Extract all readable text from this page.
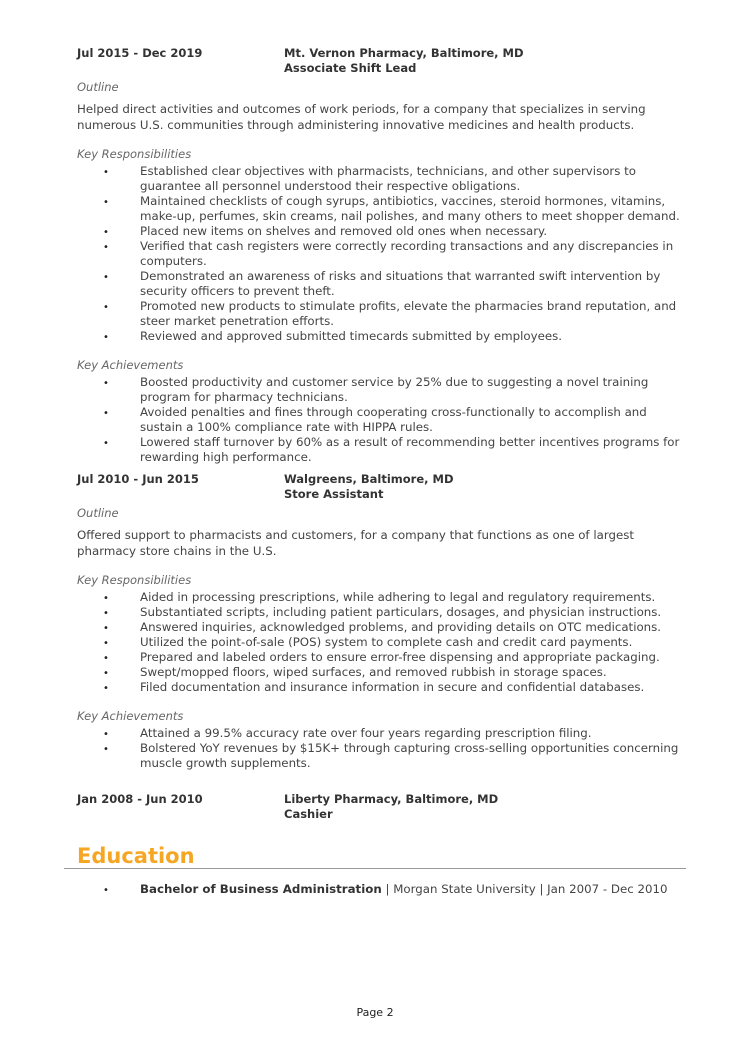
Jul 2015 - Dec 2019	Mt. Vernon Pharmacy, Baltimore, MD
Associate Shift Lead
Outline

Helped direct activities and outcomes of work periods, for a company that specializes in serving numerous U.S. communities through administering innovative medicines and health products.

Key Responsibilities
• Established clear objectives with pharmacists, technicians, and other supervisors to guarantee all personnel understood their respective obligations.
• Maintained checklists of cough syrups, antibiotics, vaccines, steroid hormones, vitamins, make-up, perfumes, skin creams, nail polishes, and many others to meet shopper demand.
• Placed new items on shelves and removed old ones when necessary.
• Verified that cash registers were correctly recording transactions and any discrepancies in computers.
• Demonstrated an awareness of risks and situations that warranted swift intervention by security officers to prevent theft.
• Promoted new products to stimulate profits, elevate the pharmacies brand reputation, and steer market penetration efforts.
• Reviewed and approved submitted timecards submitted by employees.
Key Achievements
• Boosted productivity and customer service by 25% due to suggesting a novel training program for pharmacy technicians.
• Avoided penalties and fines through cooperating cross-functionally to accomplish and sustain a 100% compliance rate with HIPPA rules.
• Lowered staff turnover by 60% as a result of recommending better incentives programs for rewarding high performance.
Jul 2010 - Jun 2015	Walgreens, Baltimore, MD
Store Assistant
Outline

Offered support to pharmacists and customers, for a company that functions as one of largest pharmacy store chains in the U.S.

Key Responsibilities
• Aided in processing prescriptions, while adhering to legal and regulatory requirements.
• Substantiated scripts, including patient particulars, dosages, and physician instructions.
• Answered inquiries, acknowledged problems, and providing details on OTC medications.
• Utilized the point-of-sale (POS) system to complete cash and credit card payments.
• Prepared and labeled orders to ensure error-free dispensing and appropriate packaging.
• Swept/mopped floors, wiped surfaces, and removed rubbish in storage spaces.
• Filed documentation and insurance information in secure and confidential databases.
Key Achievements
• Attained a 99.5% accuracy rate over four years regarding prescription filing.
• Bolstered YoY revenues by $15K+ through capturing cross-selling opportunities concerning muscle growth supplements.
Jan 2008 - Jun 2010	Liberty Pharmacy, Baltimore, MD
Cashier
Education
• Bachelor of Business Administration | Morgan State University | Jan 2007 - Dec 2010
Page 2
